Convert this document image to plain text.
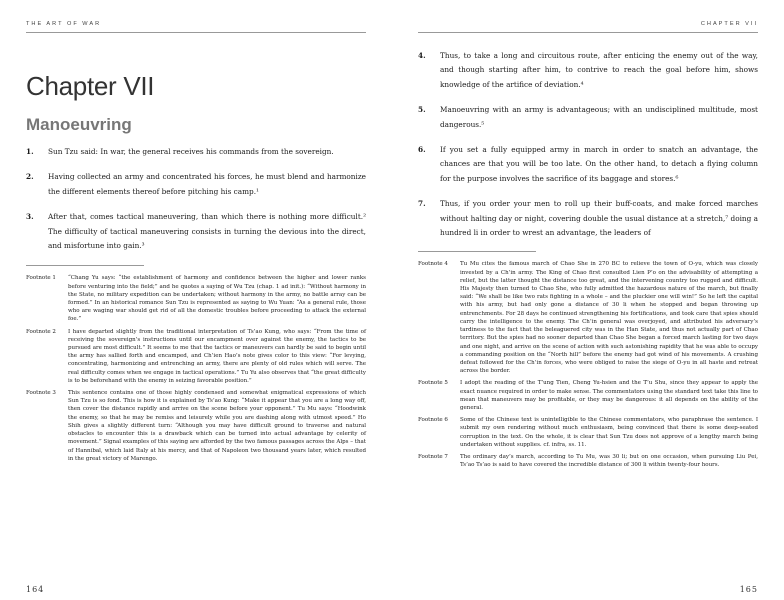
THE ART OF WAR
Chapter VII
Manoeuvring
1.	Sun Tzu said: In war, the general receives his commands from the sovereign.
2.	Having collected an army and concentrated his forces, he must blend and harmonize the different elements thereof before pitching his camp.¹
3.	After that, comes tactical maneuvering, than which there is nothing more difficult.² The difficulty of tactical maneuvering consists in turning the devious into the direct, and misfortune into gain.³
Footnote 1	“Chang Yu says: “the establishment of harmony and confidence between the higher and lower ranks before venturing into the field;” and he quotes a saying of Wu Tzu (chap. 1 ad init.): “Without harmony in the State, no military expedition can be undertaken; without harmony in the army, no battle array can be formed.” In an historical romance Sun Tzu is represented as saying to Wu Yuan: “As a general rule, those who are waging war should get rid of all the domestic troubles before proceeding to attack the external foe.”
Footnote 2	I have departed slightly from the traditional interpretation of Ts’ao Kung, who says: “From the time of receiving the sovereign’s instructions until our encampment over against the enemy, the tactics to be pursued are most difficult.” It seems to me that the tactics or maneuvers can hardly be said to begin until the army has sallied forth and encamped, and Ch’ien Hao’s note gives color to this view: “For levying, concentrating, harmonizing and entrenching an army, there are plenty of old rules which will serve. The real difficulty comes when we engage in tactical operations.” Tu Yu also observes that “the great difficulty is to be beforehand with the enemy in seizing favorable position.”
Footnote 3	This sentence contains one of those highly condensed and somewhat enigmatical expressions of which Sun Tzu is so fond. This is how it is explained by Ts’ao Kung: “Make it appear that you are a long way off, then cover the distance rapidly and arrive on the scene before your opponent.” Tu Mu says: “Hoodwink the enemy, so that he may be remiss and leisurely while you are dashing along with utmost speed.” Ho Shih gives a slightly different turn: “Although you may have difficult ground to traverse and natural obstacles to encounter this is a drawback which can be turned into actual advantage by celerity of movement.” Signal examples of this saying are afforded by the two famous passages across the Alps – that of Hannibal, which laid Italy at his mercy, and that of Napoleon two thousand years later, which resulted in the great victory of Marengo.
164
CHAPTER VII
4.	Thus, to take a long and circuitous route, after enticing the enemy out of the way, and though starting after him, to contrive to reach the goal before him, shows knowledge of the artifice of deviation.⁴
5.	Manoeuvring with an army is advantageous; with an undisciplined multitude, most dangerous.⁵
6.	If you set a fully equipped army in march in order to snatch an advantage, the chances are that you will be too late. On the other hand, to detach a flying column for the purpose involves the sacrifice of its baggage and stores.⁶
7.	Thus, if you order your men to roll up their buff-coats, and make forced marches without halting day or night, covering double the usual distance at a stretch,⁷ doing a hundred li in order to wrest an advantage, the leaders of
Footnote 4	Tu Mu cites the famous march of Chao She in 270 BC to relieve the town of O-yu, which was closely invested by a Ch’in army. The King of Chao first consulted Lien P’o on the advisability of attempting a relief, but the latter thought the distance too great, and the intervening country too rugged and difficult. His Majesty then turned to Chao She, who fully admitted the hazardous nature of the march, but finally said: “We shall be like two rats fighting in a whole – and the pluckier one will win!” So he left the capital with his army, but had only gone a distance of 30 li when he stopped and began throwing up entrenchments. For 28 days he continued strengthening his fortifications, and took care that spies should carry the intelligence to the enemy. The Ch’in general was overjoyed, and attributed his adversary’s tardiness to the fact that the beleaguered city was in the Han State, and thus not actually part of Chao territory. But the spies had no sooner departed than Chao She began a forced march lasting for two days and one night, and arrive on the scene of action with such astonishing rapidity that he was able to occupy a commanding position on the “North hill” before the enemy had got wind of his movements. A crushing defeat followed for the Ch’in forces, who were obliged to raise the siege of O-yu in all haste and retreat across the border.
Footnote 5	I adopt the reading of the T’ung Tien, Cheng Yu-hsien and the T’u Shu, since they appear to apply the exact nuance required in order to make sense. The commentators using the standard text take this line to mean that maneuvers may be profitable, or they may be dangerous: it all depends on the ability of the general.
Footnote 6	Some of the Chinese text is unintelligible to the Chinese commentators, who paraphrase the sentence. I submit my own rendering without much enthusiasm, being convinced that there is some deep-seated corruption in the text. On the whole, it is clear that Sun Tzu does not approve of a lengthy march being undertaken without supplies. cf. infra, ss. 11.
Footnote 7	The ordinary day’s march, according to Tu Mu, was 30 li; but on one occasion, when pursuing Liu Pei, Ts’ao Ts’ao is said to have covered the incredible distance of 300 li within twenty-four hours.
165
